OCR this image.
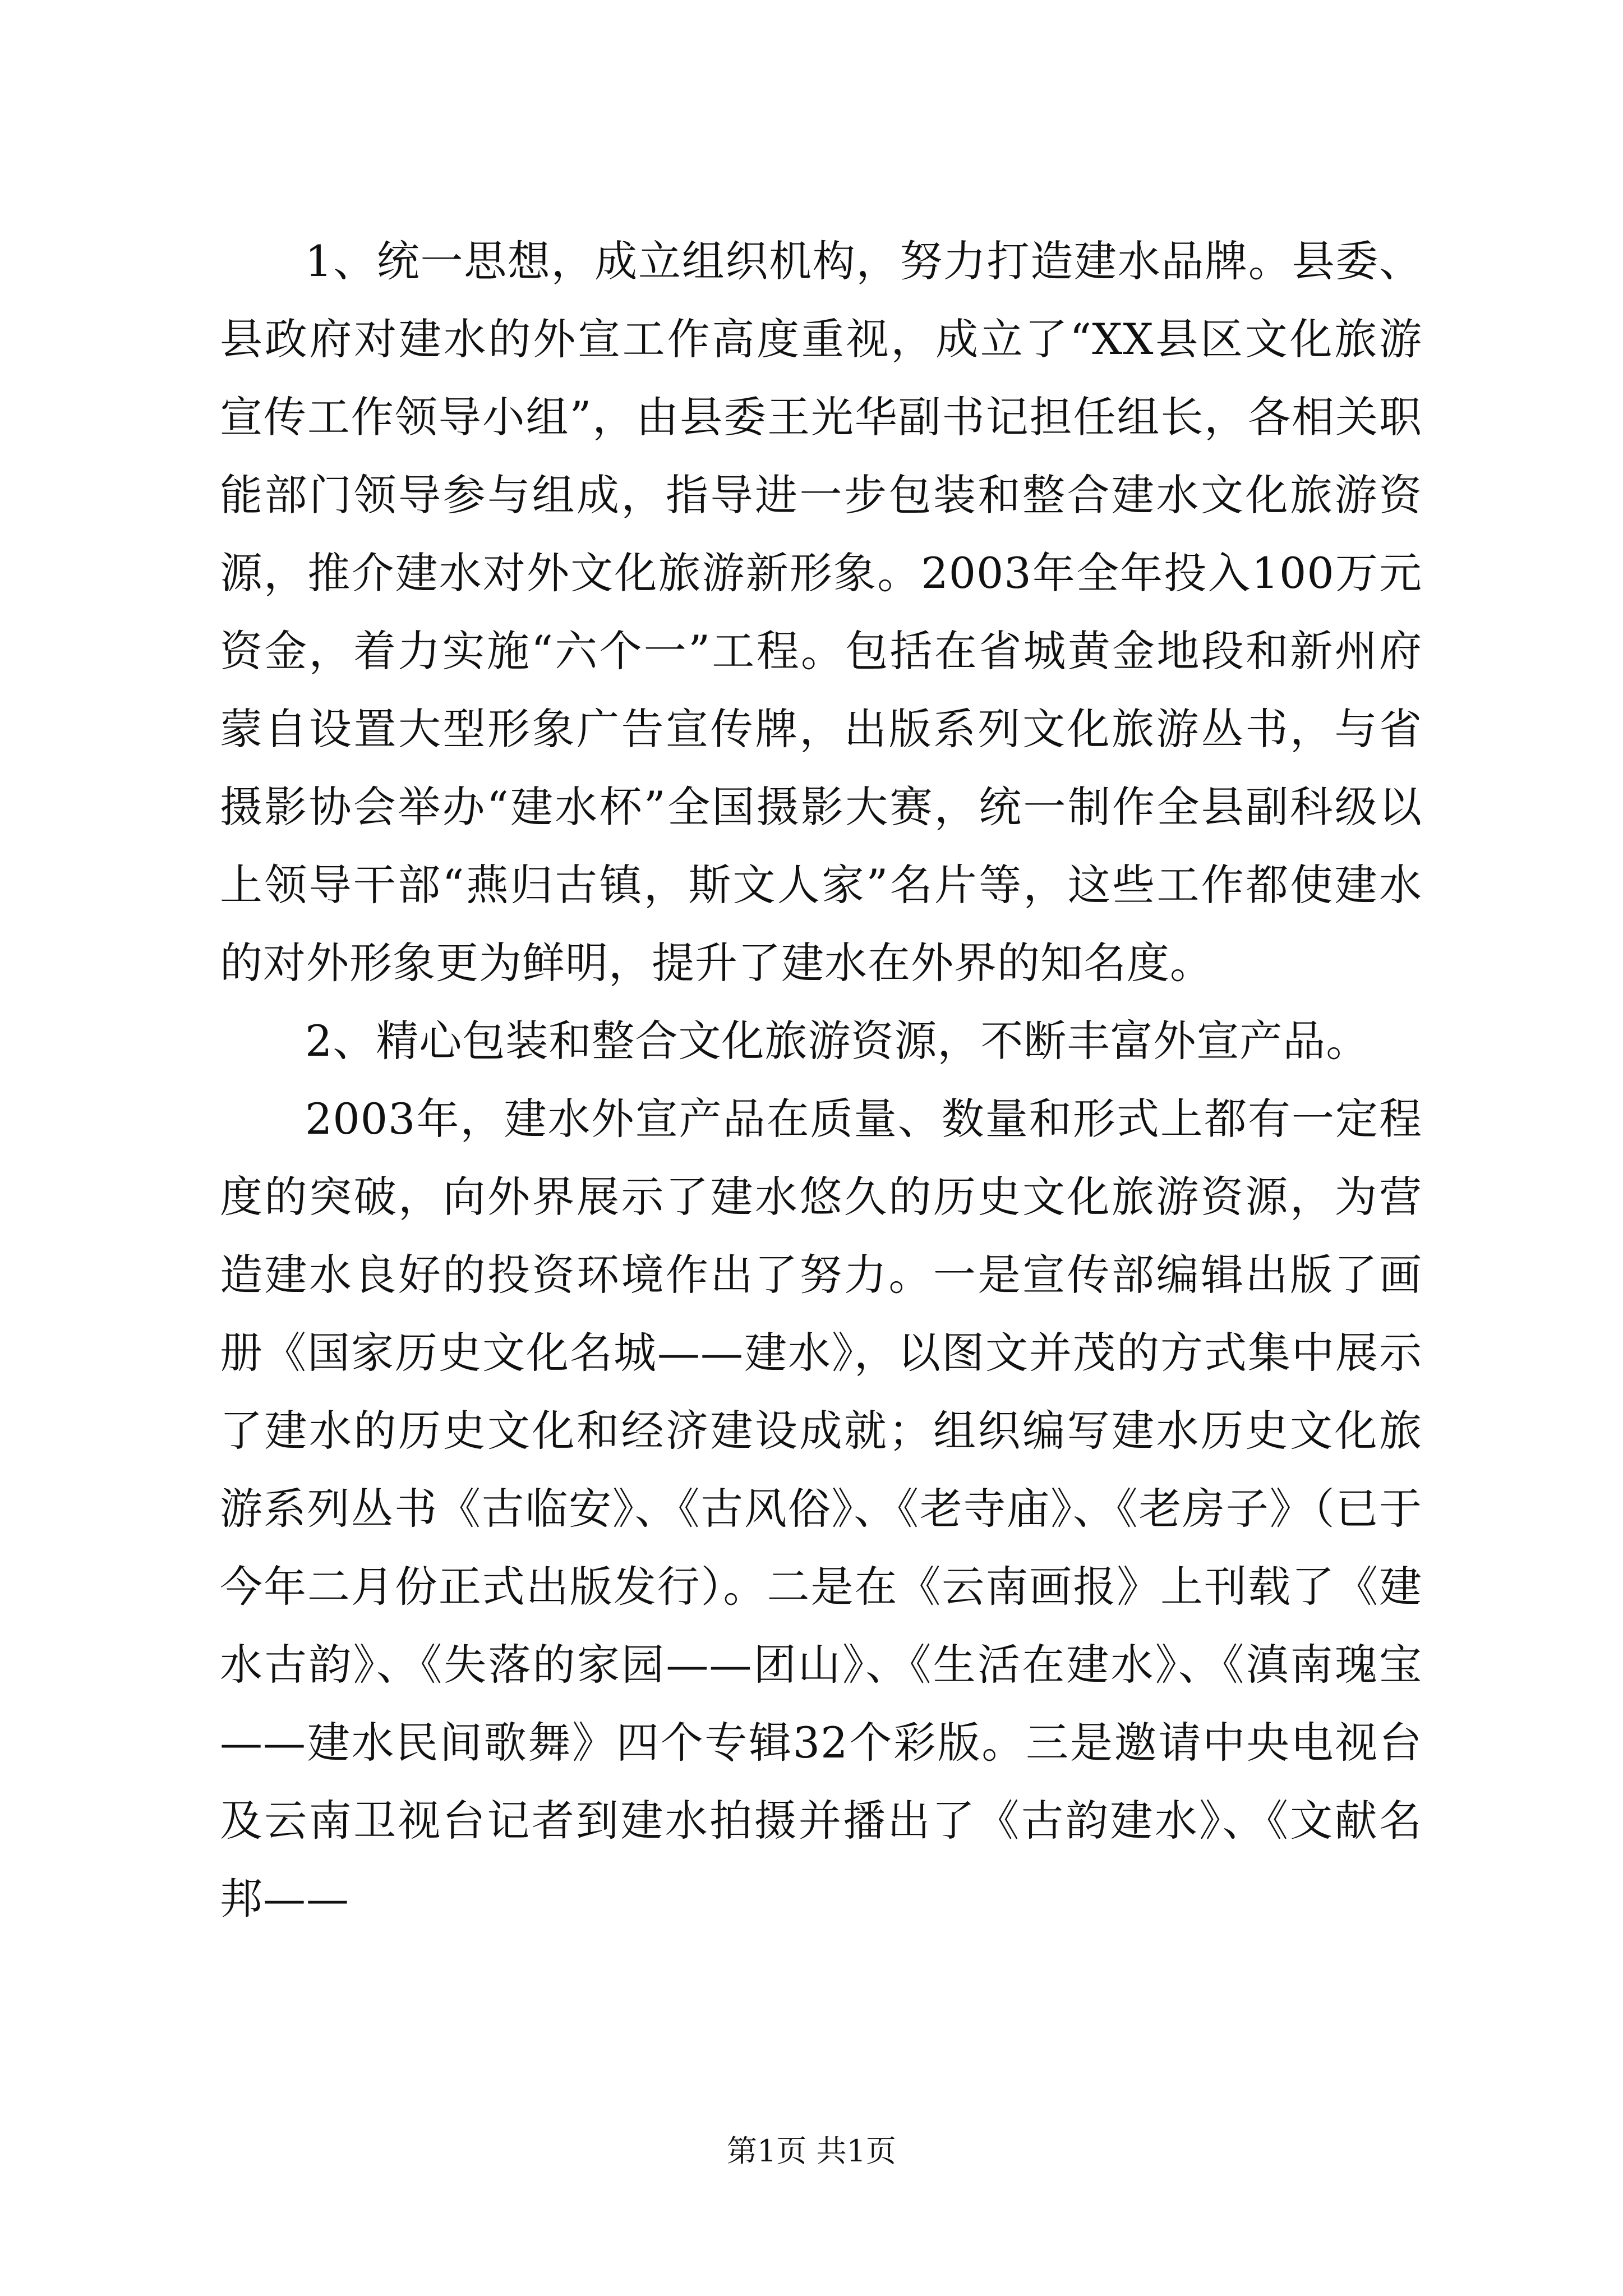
1、统一思想，成立组织机构，努力打造建水品牌。县委、县政府对建水的外宣工作高度重视，成立了“XX县区文化旅游宣传工作领导小组”，由县委王光华副书记担任组长，各相关职能部门领导参与组成，指导进一步包装和整合建水文化旅游资源，推介建水对外文化旅游新形象。2003年全年投入100万元资金，着力实施“六个一”工程。包括在省城黄金地段和新州府蒙自设置大型形象广告宣传牌，出版系列文化旅游丛书，与省摄影协会举办“建水杯”全国摄影大赛，统一制作全县副科级以上领导干部“燕归古镇，斯文人家”名片等，这些工作都使建水的对外形象更为鲜明，提升了建水在外界的知名度。

2、精心包装和整合文化旅游资源，不断丰富外宣产品。

2003年，建水外宣产品在质量、数量和形式上都有一定程度的突破，向外界展示了建水悠久的历史文化旅游资源，为营造建水良好的投资环境作出了努力。一是宣传部编辑出版了画册《国家历史文化名城——建水》，以图文并茂的方式集中展示了建水的历史文化和经济建设成就；组织编写建水历史文化旅游系列丛书《古临安》、《古风俗》、《老寺庙》、《老房子》（已于今年二月份正式出版发行）。二是在《云南画报》上刊载了《建水古韵》、《失落的家园——团山》、《生活在建水》、《滇南瑰宝——建水民间歌舞》四个专辑32个彩版。三是邀请中央电视台及云南卫视台记者到建水拍摄并播出了《古韵建水》、《文献名邦——

第1页 共1页
